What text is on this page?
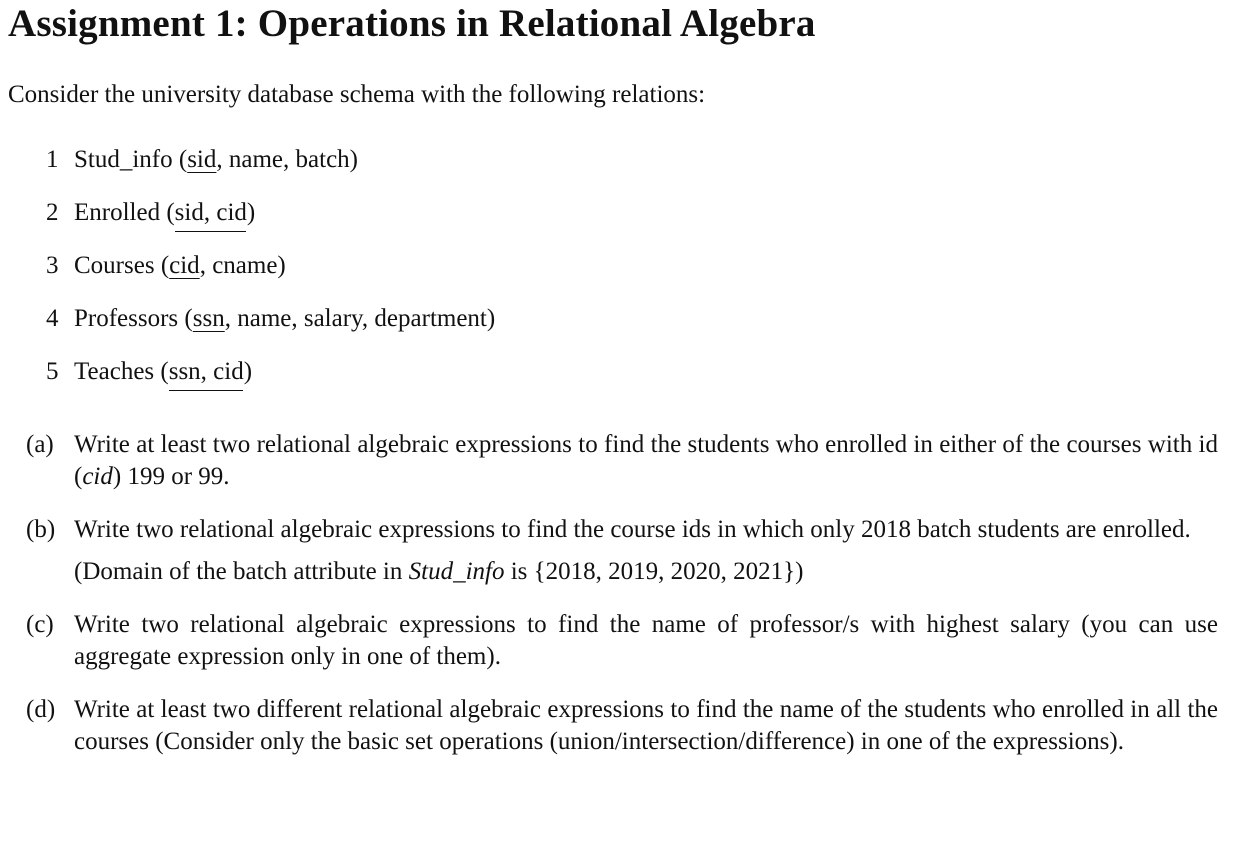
Assignment 1: Operations in Relational Algebra
Consider the university database schema with the following relations:
1 Stud_info (sid, name, batch)
2 Enrolled (sid, cid)
3 Courses (cid, cname)
4 Professors (ssn, name, salary, department)
5 Teaches (ssn, cid)
(a) Write at least two relational algebraic expressions to find the students who enrolled in either of the courses with id (cid) 199 or 99.
(b) Write two relational algebraic expressions to find the course ids in which only 2018 batch students are enrolled.
(Domain of the batch attribute in Stud_info is {2018, 2019, 2020, 2021})
(c) Write two relational algebraic expressions to find the name of professor/s with highest salary (you can use aggregate expression only in one of them).
(d) Write at least two different relational algebraic expressions to find the name of the students who enrolled in all the courses (Consider only the basic set operations (union/intersection/difference) in one of the expressions).
